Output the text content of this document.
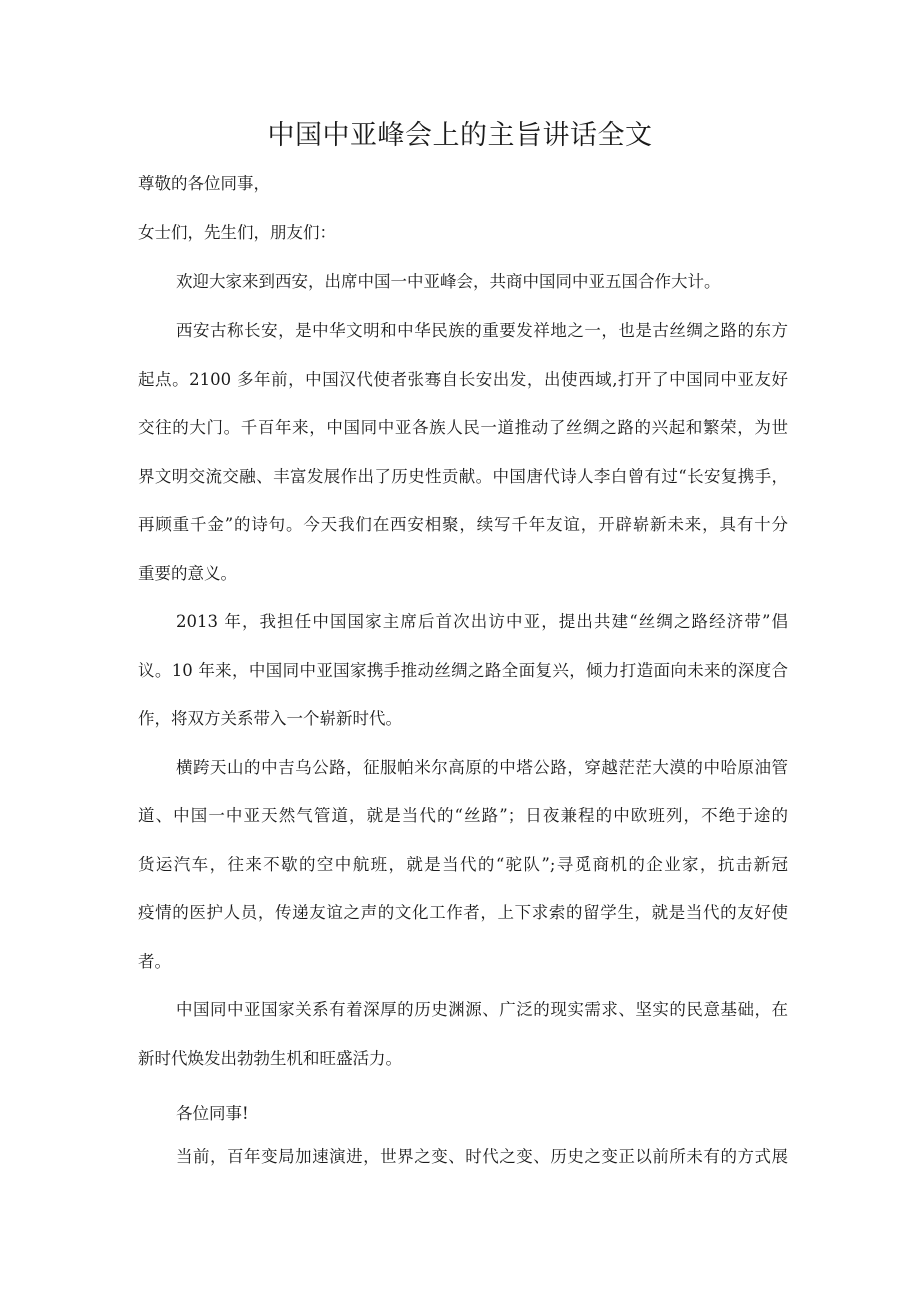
中国中亚峰会上的主旨讲话全文

尊敬的各位同事，

女士们，先生们，朋友们：

欢迎大家来到西安，出席中国一中亚峰会，共商中国同中亚五国合作大计。

西安古称长安，是中华文明和中华民族的重要发祥地之一，也是古丝绸之路的东方

起点。2100 多年前，中国汉代使者张骞自长安出发，出使西域,打开了中国同中亚友好

交往的大门。千百年来，中国同中亚各族人民一道推动了丝绸之路的兴起和繁荣，为世

界文明交流交融、丰富发展作出了历史性贡献。中国唐代诗人李白曾有过“长安复携手，

再顾重千金”的诗句。今天我们在西安相聚，续写千年友谊，开辟崭新未来，具有十分

重要的意义。

2013 年，我担任中国国家主席后首次出访中亚，提出共建“丝绸之路经济带”倡

议。10 年来，中国同中亚国家携手推动丝绸之路全面复兴，倾力打造面向未来的深度合

作，将双方关系带入一个崭新时代。

横跨天山的中吉乌公路，征服帕米尔高原的中塔公路，穿越茫茫大漠的中哈原油管

道、中国一中亚天然气管道，就是当代的“丝路”；日夜兼程的中欧班列，不绝于途的

货运汽车，往来不歇的空中航班，就是当代的“驼队”;寻觅商机的企业家，抗击新冠

疫情的医护人员，传递友谊之声的文化工作者，上下求索的留学生，就是当代的友好使

者。

中国同中亚国家关系有着深厚的历史渊源、广泛的现实需求、坚实的民意基础，在

新时代焕发出勃勃生机和旺盛活力。

各位同事!

当前，百年变局加速演进，世界之变、时代之变、历史之变正以前所未有的方式展
